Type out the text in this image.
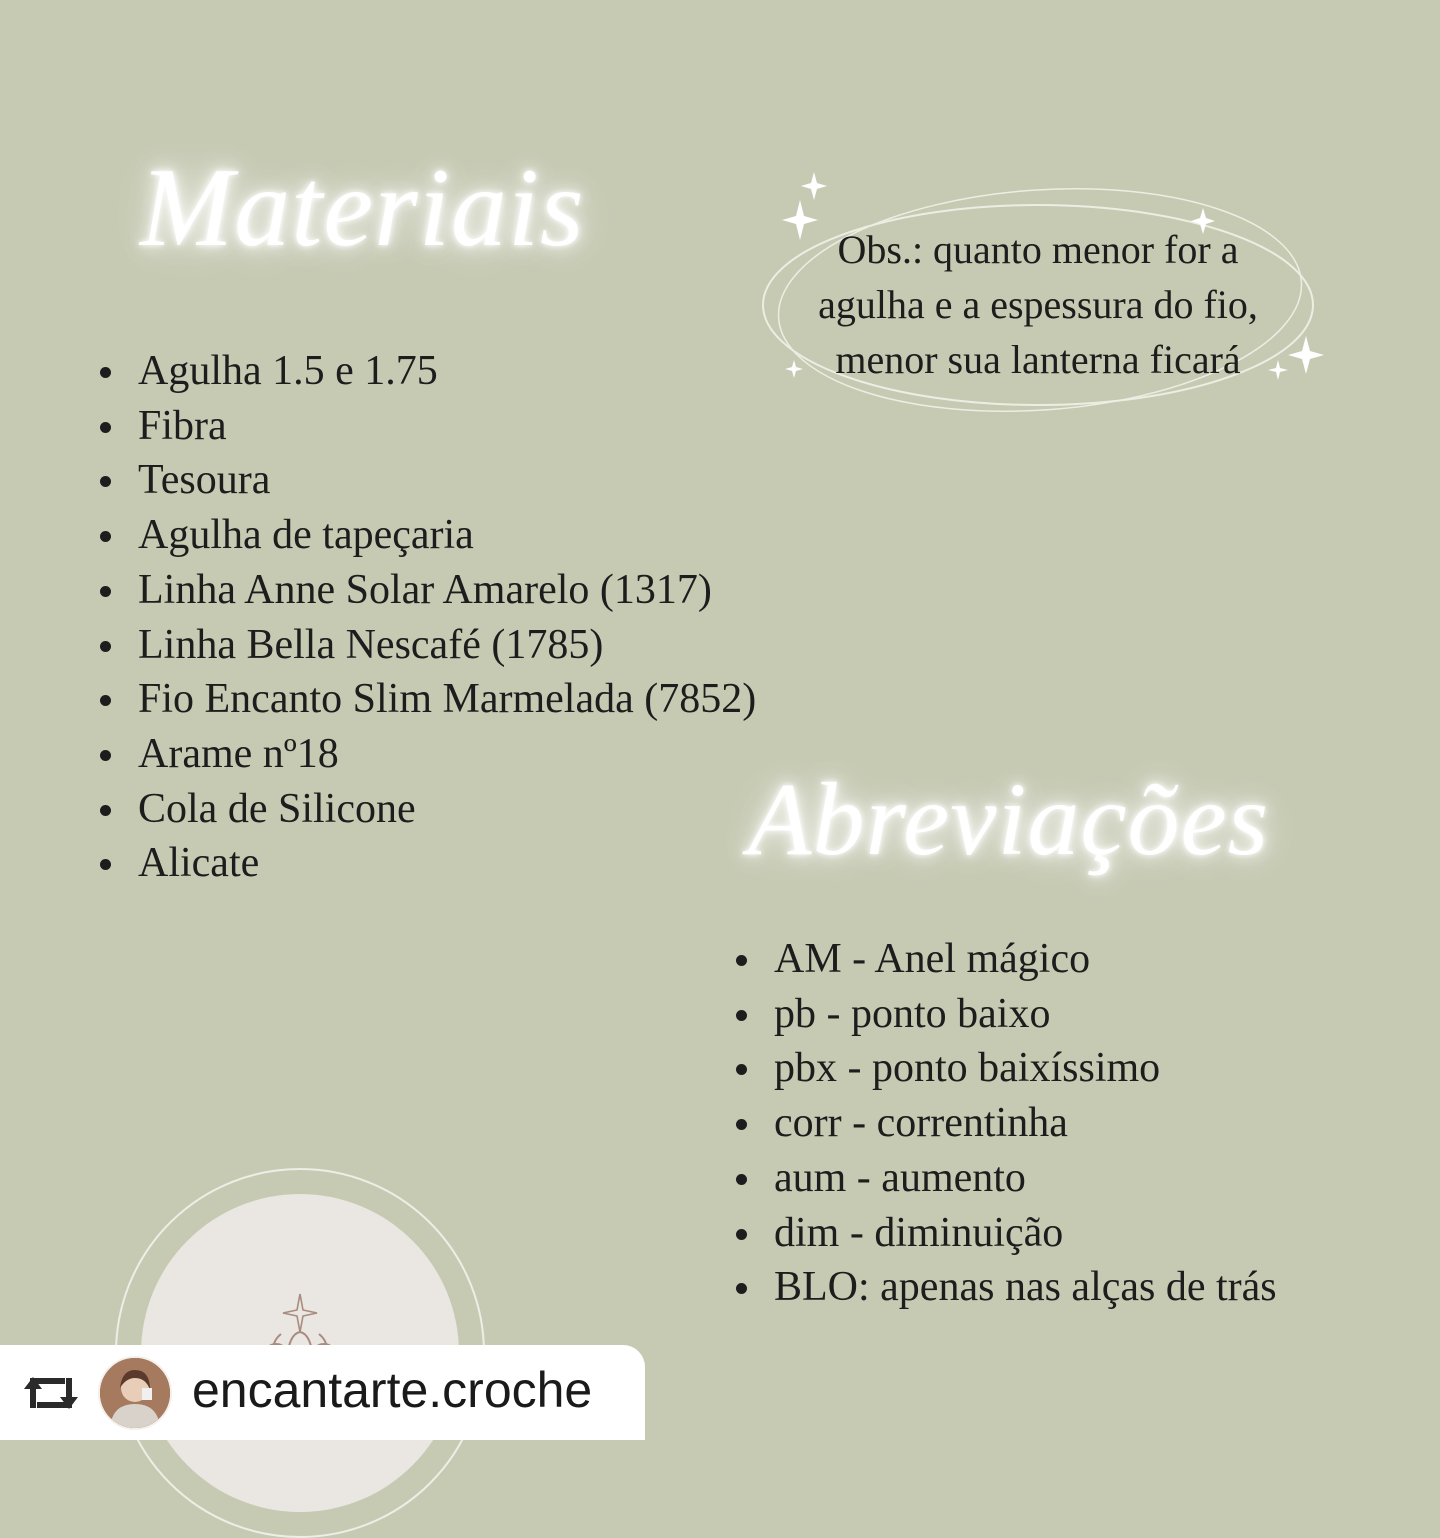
Materiais
Agulha 1.5 e 1.75
Fibra
Tesoura
Agulha de tapeçaria
Linha Anne Solar Amarelo (1317)
Linha Bella Nescafé (1785)
Fio Encanto Slim Marmelada (7852)
Arame nº18
Cola de Silicone
Alicate
Obs.: quanto menor for a
agulha e a espessura do fio,
menor sua lanterna ficará
Abreviações
AM - Anel mágico
pb - ponto baixo
pbx - ponto baixíssimo
corr - correntinha
aum - aumento
dim - diminuição
BLO: apenas nas alças de trás
encantarte.croche
